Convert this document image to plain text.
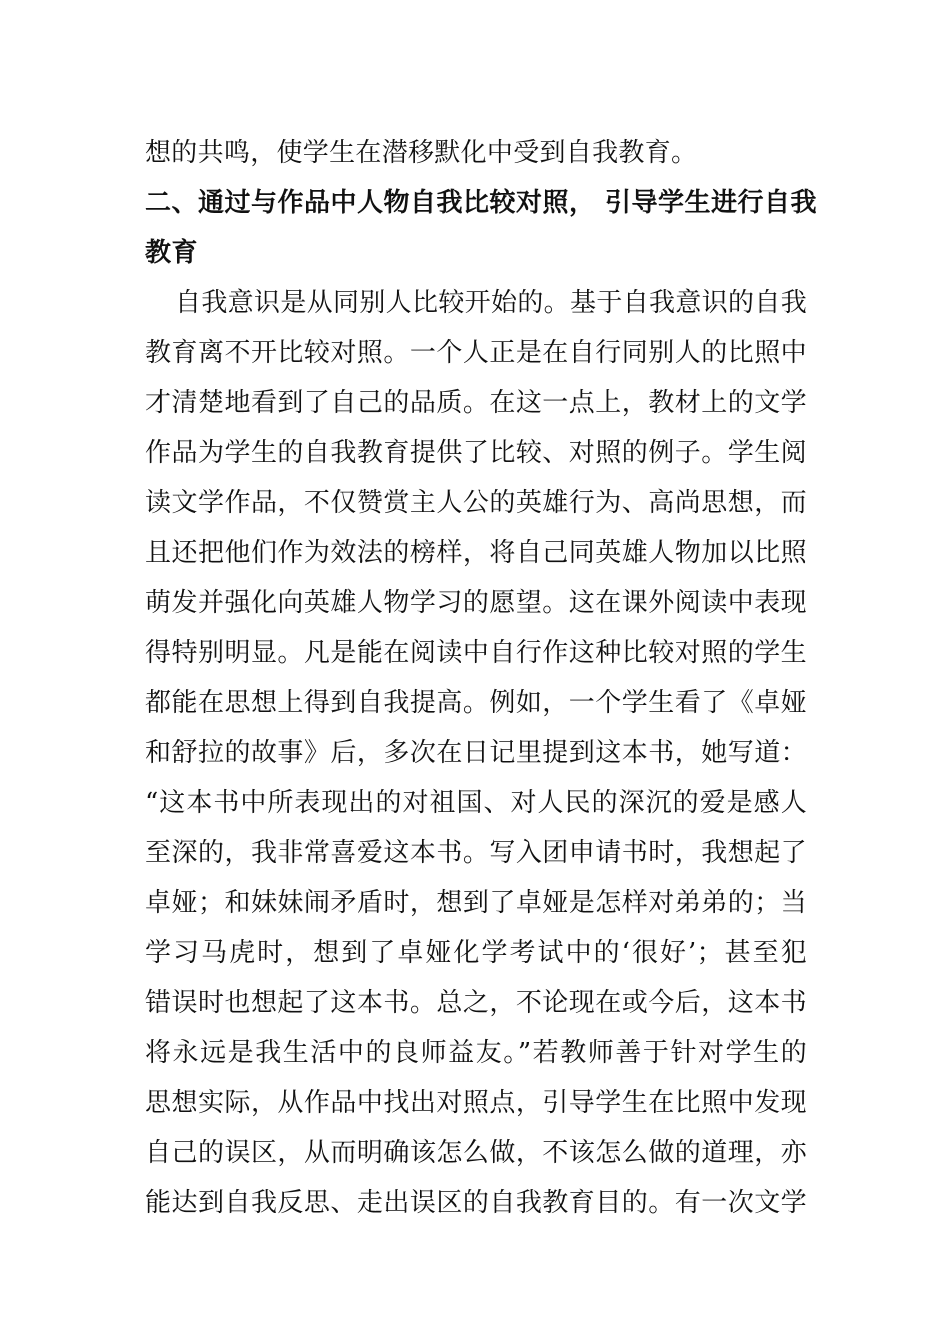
想的共鸣，使学生在潜移默化中受到自我教育。
二、通过与作品中人物自我比较对照， 引导学生进行自我
教育
自我意识是从同别人比较开始的。基于自我意识的自我
教育离不开比较对照。一个人正是在自行同别人的比照中
才清楚地看到了自己的品质。在这一点上，教材上的文学
作品为学生的自我教育提供了比较、对照的例子。学生阅
读文学作品，不仅赞赏主人公的英雄行为、高尚思想，而
且还把他们作为效法的榜样，将自己同英雄人物加以比照
萌发并强化向英雄人物学习的愿望。这在课外阅读中表现
得特别明显。凡是能在阅读中自行作这种比较对照的学生
都能在思想上得到自我提高。例如，一个学生看了《卓娅
和舒拉的故事》后，多次在日记里提到这本书，她写道：
“这本书中所表现出的对祖国、对人民的深沉的爱是感人
至深的，我非常喜爱这本书。写入团申请书时，我想起了
卓娅；和妹妹闹矛盾时，想到了卓娅是怎样对弟弟的；当
学习马虎时，想到了卓娅化学考试中的‘很好’；甚至犯
错误时也想起了这本书。总之，不论现在或今后，这本书
将永远是我生活中的良师益友。”若教师善于针对学生的
思想实际，从作品中找出对照点，引导学生在比照中发现
自己的误区，从而明确该怎么做，不该怎么做的道理，亦
能达到自我反思、走出误区的自我教育目的。有一次文学
